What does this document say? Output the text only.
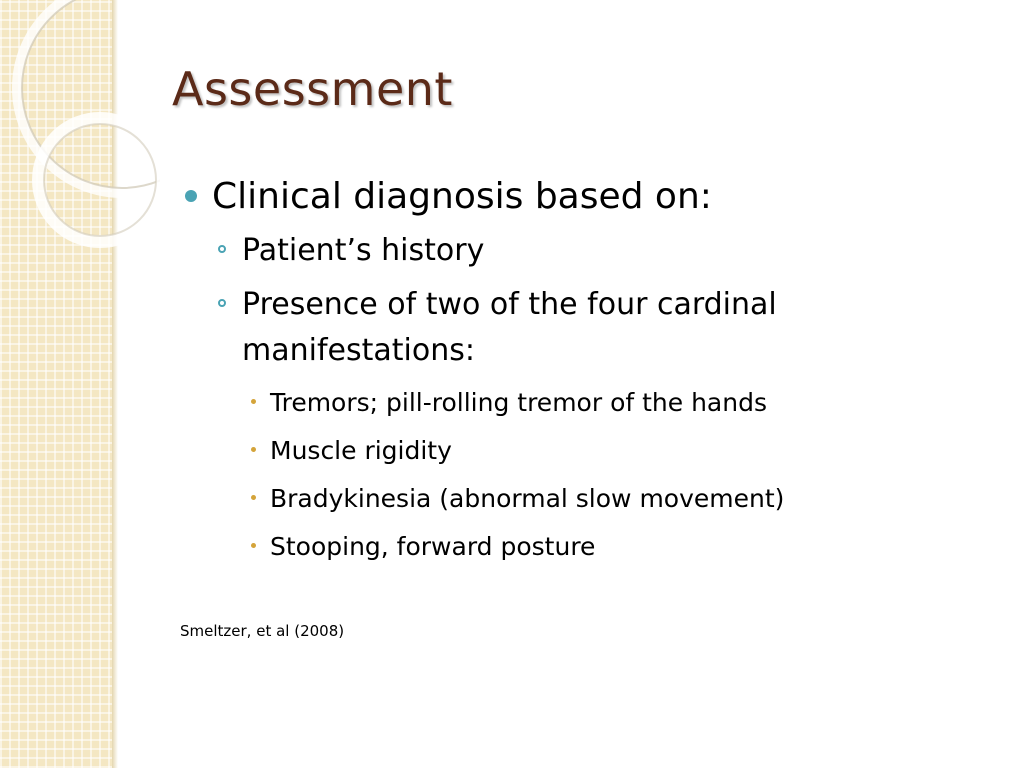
Assessment
Clinical diagnosis based on:
Patient’s history
Presence of two of the four cardinal
manifestations:
Tremors; pill-rolling tremor of the hands
Muscle rigidity
Bradykinesia (abnormal slow movement)
Stooping, forward posture
Smeltzer, et al (2008)
